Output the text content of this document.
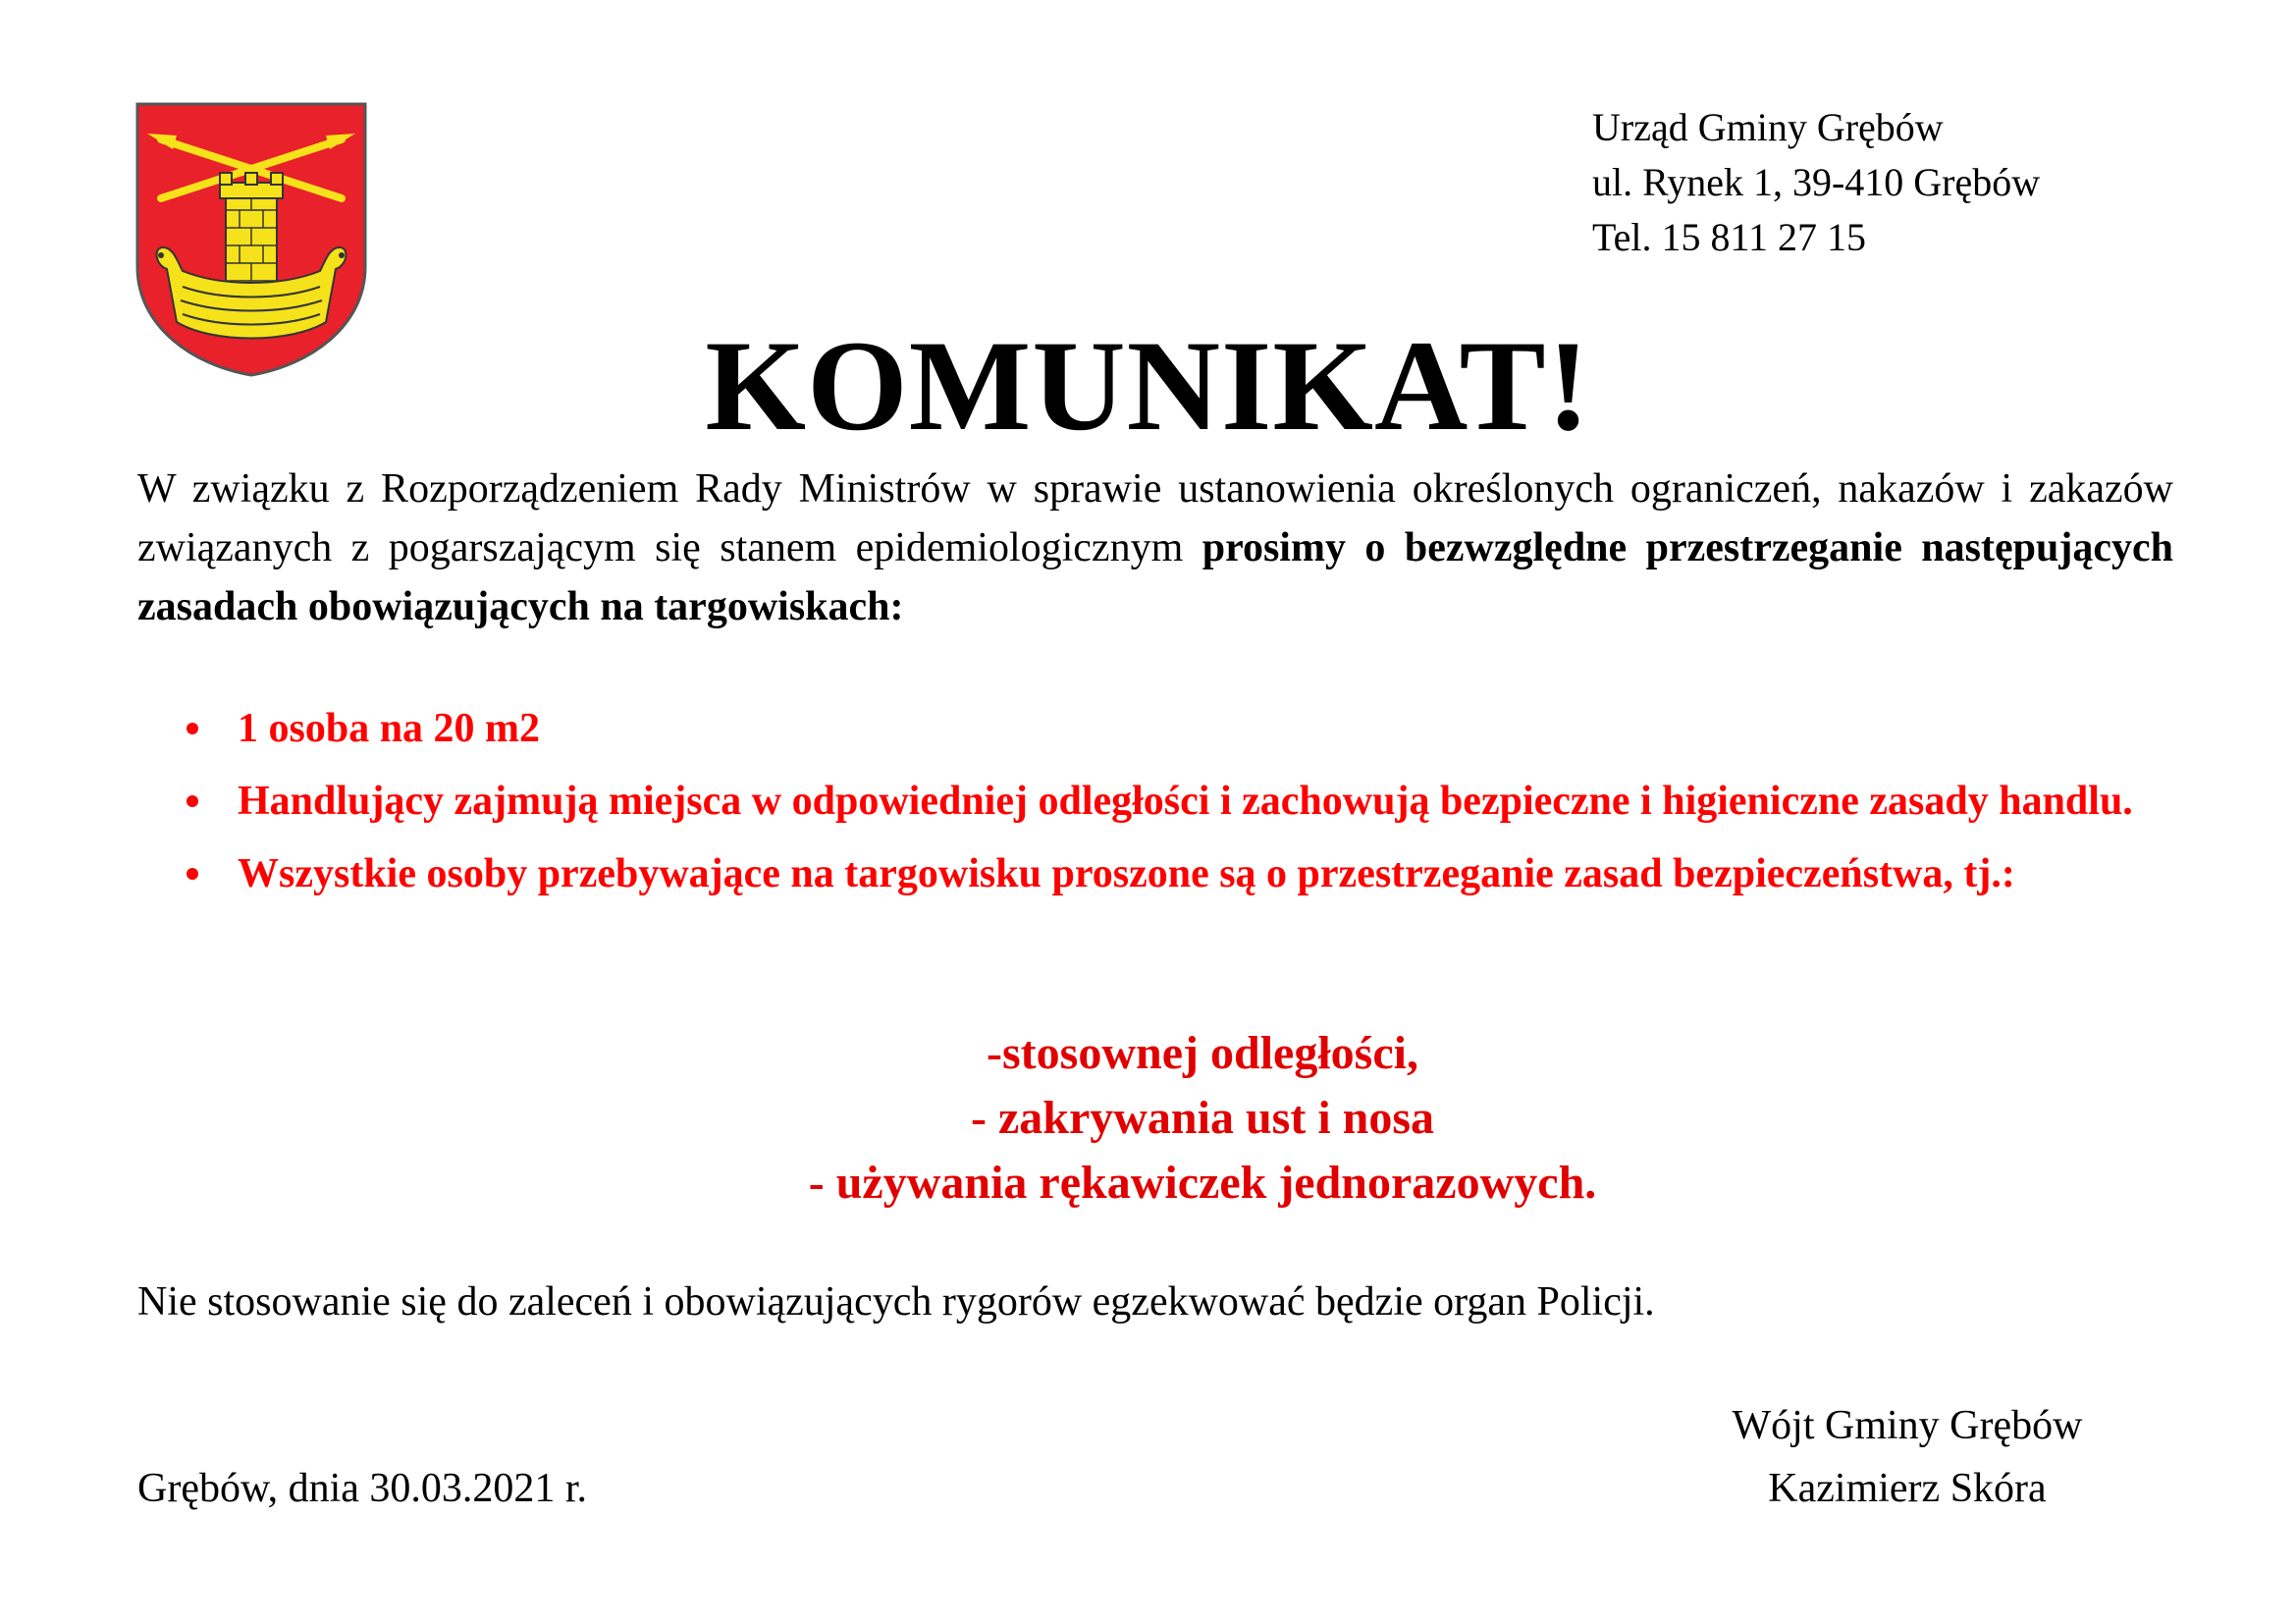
Urząd Gminy Grębów
ul. Rynek 1, 39-410 Grębów
Tel. 15 811 27 15
KOMUNIKAT!
W związku z Rozporządzeniem Rady Ministrów w sprawie ustanowienia określonych ograniczeń, nakazów i zakazów związanych z pogarszającym się stanem epidemiologicznym prosimy o bezwzględne przestrzeganie następujących zasadach obowiązujących na targowiskach:
1 osoba na 20 m2
Handlujący zajmują miejsca w odpowiedniej odległości i zachowują bezpieczne i higieniczne zasady handlu.
Wszystkie osoby przebywające na targowisku proszone są o przestrzeganie zasad bezpieczeństwa, tj.:
-stosownej odległości,
- zakrywania ust i nosa
- używania rękawiczek jednorazowych.
Nie stosowanie się do zaleceń i obowiązujących rygorów egzekwować będzie organ Policji.
Wójt Gminy Grębów
Kazimierz Skóra
Grębów, dnia 30.03.2021 r.
